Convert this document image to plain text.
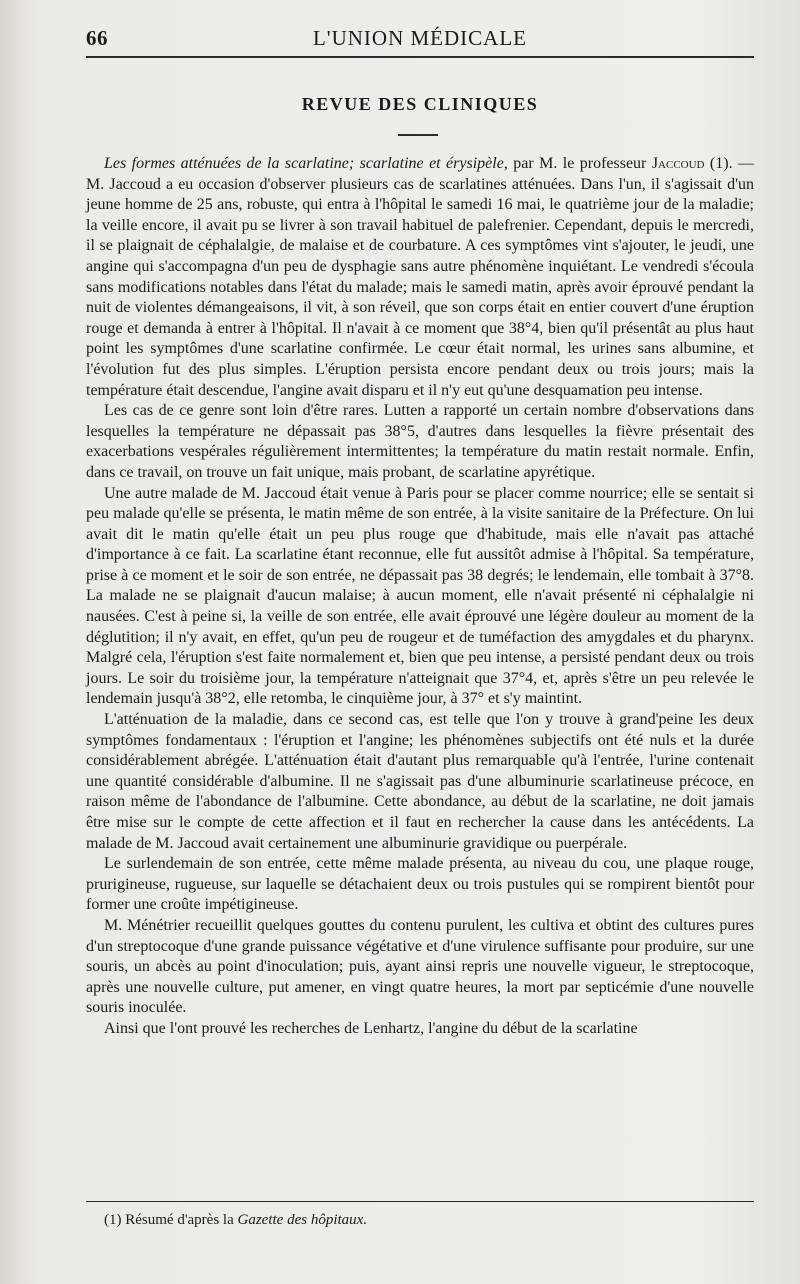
66	L'UNION MÉDICALE
REVUE DES CLINIQUES

Les formes atténuées de la scarlatine; scarlatine et érysipèle, par M. le professeur Jaccoud (1). — M. Jaccoud a eu occasion d'observer plusieurs cas de scarlatines atténuées. Dans l'un, il s'agissait d'un jeune homme de 25 ans, robuste, qui entra à l'hôpital le samedi 16 mai, le quatrième jour de la maladie; la veille encore, il avait pu se livrer à son travail habituel de palefrenier. Cependant, depuis le mercredi, il se plaignait de céphalalgie, de malaise et de courbature. A ces symptômes vint s'ajouter, le jeudi, une angine qui s'accompagna d'un peu de dysphagie sans autre phénomène inquiétant. Le vendredi s'écoula sans modifications notables dans l'état du malade; mais le samedi matin, après avoir éprouvé pendant la nuit de violentes démangeaisons, il vit, à son réveil, que son corps était en entier couvert d'une éruption rouge et demanda à entrer à l'hôpital. Il n'avait à ce moment que 38°4, bien qu'il présentât au plus haut point les symptômes d'une scarlatine confirmée. Le cœur était normal, les urines sans albumine, et l'évolution fut des plus simples. L'éruption persista encore pendant deux ou trois jours; mais la température était descendue, l'angine avait disparu et il n'y eut qu'une desquamation peu intense.

Les cas de ce genre sont loin d'être rares. Lutten a rapporté un certain nombre d'observations dans lesquelles la température ne dépassait pas 38°5, d'autres dans lesquelles la fièvre présentait des exacerbations vespérales régulièrement intermittentes; la température du matin restait normale. Enfin, dans ce travail, on trouve un fait unique, mais probant, de scarlatine apyrétique.

Une autre malade de M. Jaccoud était venue à Paris pour se placer comme nourrice; elle se sentait si peu malade qu'elle se présenta, le matin même de son entrée, à la visite sanitaire de la Préfecture. On lui avait dit le matin qu'elle était un peu plus rouge que d'habitude, mais elle n'avait pas attaché d'importance à ce fait. La scarlatine étant reconnue, elle fut aussitôt admise à l'hôpital. Sa température, prise à ce moment et le soir de son entrée, ne dépassait pas 38 degrés; le lendemain, elle tombait à 37°8. La malade ne se plaignait d'aucun malaise; à aucun moment, elle n'avait présenté ni céphalalgie ni nausées. C'est à peine si, la veille de son entrée, elle avait éprouvé une légère douleur au moment de la déglutition; il n'y avait, en effet, qu'un peu de rougeur et de tuméfaction des amygdales et du pharynx. Malgré cela, l'éruption s'est faite normalement et, bien que peu intense, a persisté pendant deux ou trois jours. Le soir du troisième jour, la température n'atteignait que 37°4, et, après s'être un peu relevée le lendemain jusqu'à 38°2, elle retomba, le cinquième jour, à 37° et s'y maintint.

L'atténuation de la maladie, dans ce second cas, est telle que l'on y trouve à grand'peine les deux symptômes fondamentaux : l'éruption et l'angine; les phénomènes subjectifs ont été nuls et la durée considérablement abrégée. L'atténuation était d'autant plus remarquable qu'à l'entrée, l'urine contenait une quantité considérable d'albumine. Il ne s'agissait pas d'une albuminurie scarlatineuse précoce, en raison même de l'abondance de l'albumine. Cette abondance, au début de la scarlatine, ne doit jamais être mise sur le compte de cette affection et il faut en rechercher la cause dans les antécédents. La malade de M. Jaccoud avait certainement une albuminurie gravidique ou puerpérale.

Le surlendemain de son entrée, cette même malade présenta, au niveau du cou, une plaque rouge, prurigineuse, rugueuse, sur laquelle se détachaient deux ou trois pustules qui se rompirent bientôt pour former une croûte impétigineuse.

M. Ménétrier recueillit quelques gouttes du contenu purulent, les cultiva et obtint des cultures pures d'un streptocoque d'une grande puissance végétative et d'une virulence suffisante pour produire, sur une souris, un abcès au point d'inoculation; puis, ayant ainsi repris une nouvelle vigueur, le streptocoque, après une nouvelle culture, put amener, en vingt quatre heures, la mort par septicémie d'une nouvelle souris inoculée.

Ainsi que l'ont prouvé les recherches de Lenhartz, l'angine du début de la scarlatine

(1) Résumé d'après la Gazette des hôpitaux.
